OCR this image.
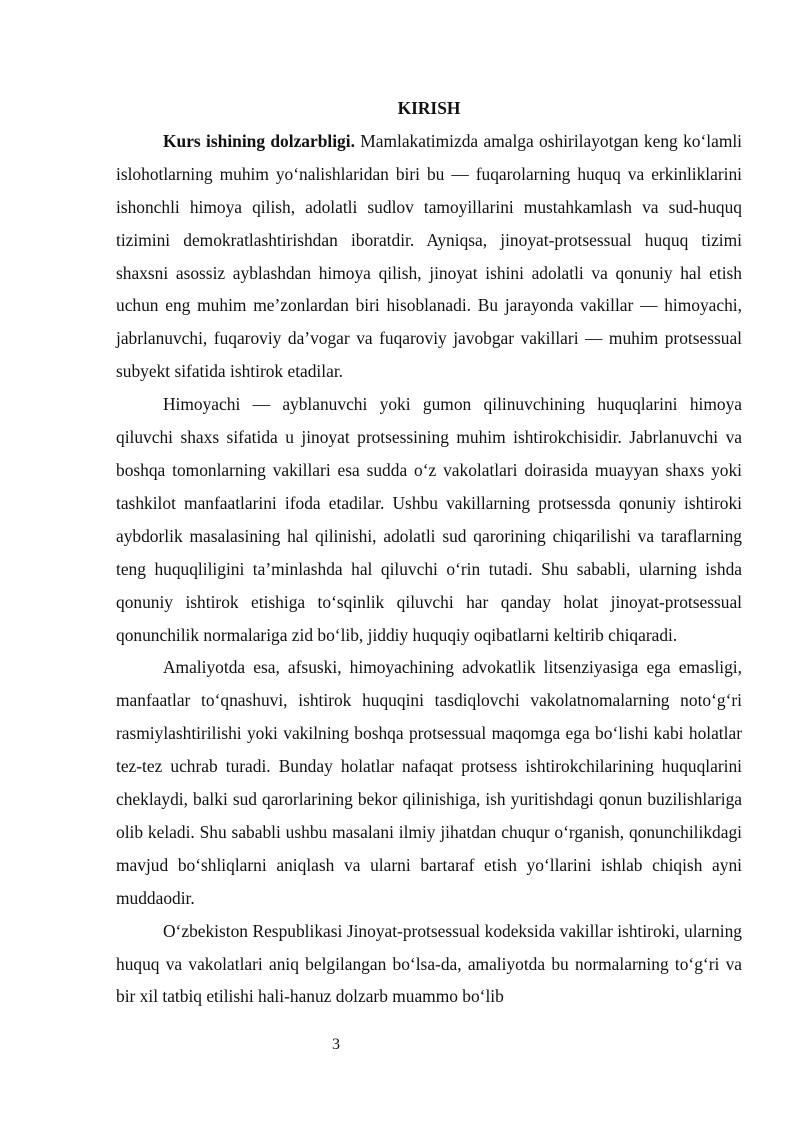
KIRISH

Kurs ishining dolzarbligi. Mamlakatimizda amalga oshirilayotgan keng ko‘lamli islohotlarning muhim yo‘nalishlaridan biri bu — fuqarolarning huquq va erkinliklarini ishonchli himoya qilish, adolatli sudlov tamoyillarini mustahkamlash va sud-huquq tizimini demokratlashtirishdan iboratdir. Ayniqsa, jinoyat-protsessual huquq tizimi shaxsni asossiz ayblashdan himoya qilish, jinoyat ishini adolatli va qonuniy hal etish uchun eng muhim me’zonlardan biri hisoblanadi. Bu jarayonda vakillar — himoyachi, jabrlanuvchi, fuqaroviy da’vogar va fuqaroviy javobgar vakillari — muhim protsessual subyekt sifatida ishtirok etadilar.

Himoyachi — ayblanuvchi yoki gumon qilinuvchining huquqlarini himoya qiluvchi shaxs sifatida u jinoyat protsessining muhim ishtirokchisidir. Jabrlanuvchi va boshqa tomonlarning vakillari esa sudda o‘z vakolatlari doirasida muayyan shaxs yoki tashkilot manfaatlarini ifoda etadilar. Ushbu vakillarning protsessda qonuniy ishtiroki aybdorlik masalasining hal qilinishi, adolatli sud qarorining chiqarilishi va taraflarning teng huquqliligini ta’minlashda hal qiluvchi o‘rin tutadi. Shu sababli, ularning ishda qonuniy ishtirok etishiga to‘sqinlik qiluvchi har qanday holat jinoyat-protsessual qonunchilik normalariga zid bo‘lib, jiddiy huquqiy oqibatlarni keltirib chiqaradi.

Amaliyotda esa, afsuski, himoyachining advokatlik litsenziyasiga ega emasligi, manfaatlar to‘qnashuvi, ishtirok huquqini tasdiqlovchi vakolatnomalarning noto‘g‘ri rasmiylashtirilishi yoki vakilning boshqa protsessual maqomga ega bo‘lishi kabi holatlar tez-tez uchrab turadi. Bunday holatlar nafaqat protsess ishtirokchilarining huquqlarini cheklaydi, balki sud qarorlarining bekor qilinishiga, ish yuritishdagi qonun buzilishlariga olib keladi. Shu sababli ushbu masalani ilmiy jihatdan chuqur o‘rganish, qonunchilikdagi mavjud bo‘shliqlarni aniqlash va ularni bartaraf etish yo‘llarini ishlab chiqish ayni muddaodir.

O‘zbekiston Respublikasi Jinoyat-protsessual kodeksida vakillar ishtiroki, ularning huquq va vakolatlari aniq belgilangan bo‘lsa-da, amaliyotda bu normalarning to‘g‘ri va bir xil tatbiq etilishi hali-hanuz dolzarb muammo bo‘lib

3
